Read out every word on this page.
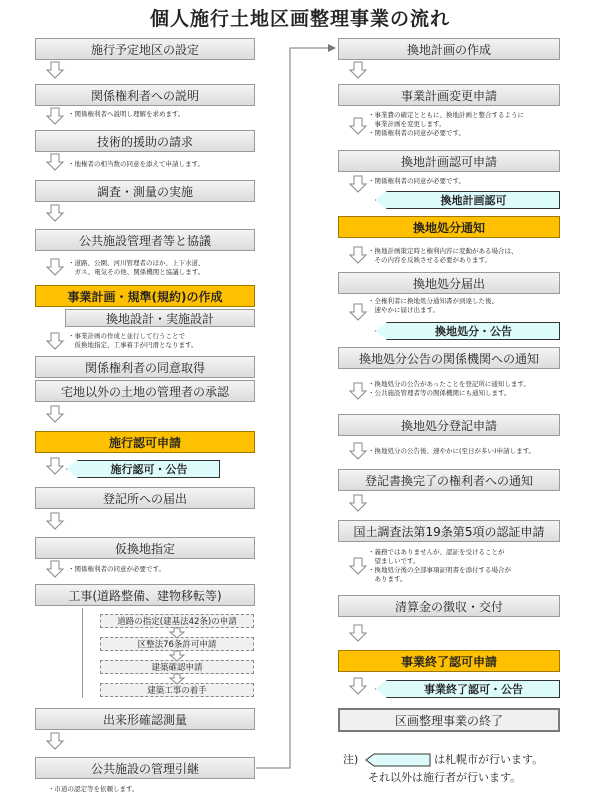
個人施行土地区画整理事業の流れ
施行予定地区の設定
関係権利者への説明
・関係権利者へ説明し理解を求めます。
技術的援助の請求
・地権者の相当数の同意を添えて申請します。
調査・測量の実施
公共施設管理者等と協議
・道路、公園、河川管理者のほか、上下水道、
　ガス、電気その他、関係機関と協議します。
事業計画・規準(規約)の作成
換地設計・実施設計
・事業計画の作成と並行して行うことで
　仮換地指定、工事着手が円滑となります。
関係権利者の同意取得
宅地以外の土地の管理者の承認
施行認可申請
施行認可・公告
登記所への届出
仮換地指定
・関係権利者の同意が必要です。
工事(道路整備、建物移転等)
道路の指定(建基法42条)の申請
区整法76条許可申請
建築確認申請
建築工事の着手
出来形確認測量
公共施設の管理引継
・市道の認定等を依頼します。
換地計画の作成
事業計画変更申請
・事業費の確定とともに、換地計画と整合するように
　事業計画を変更します。
・関係権利者の同意が必要です。
換地計画認可申請
・関係権利者の同意が必要です。
換地計画認可
換地処分通知
・換地計画策定時と権利内容に変動がある場合は、
　その内容を反映させる必要があります。
換地処分届出
・全権利者に換地処分通知書が到達した後、
　速やかに届け出ます。
換地処分・公告
換地処分公告の関係機関への通知
・換地処分の公告があったことを登記所に通知します。
・公共施設管理者等の関係機関にも通知します。
換地処分登記申請
・換地処分の公告後、速やかに(至日が多い)申請します。
登記書換完了の権利者への通知
国土調査法第19条第5項の認証申請
・義務ではありませんが、認証を受けることが
　望ましいです。
・換地処分後の全部事項証明書を添付する場合が
　あります。
清算金の徴収・交付
事業終了認可申請
事業終了認可・公告
区画整理事業の終了
注)	は札幌市が行います。
それ以外は施行者が行います。
